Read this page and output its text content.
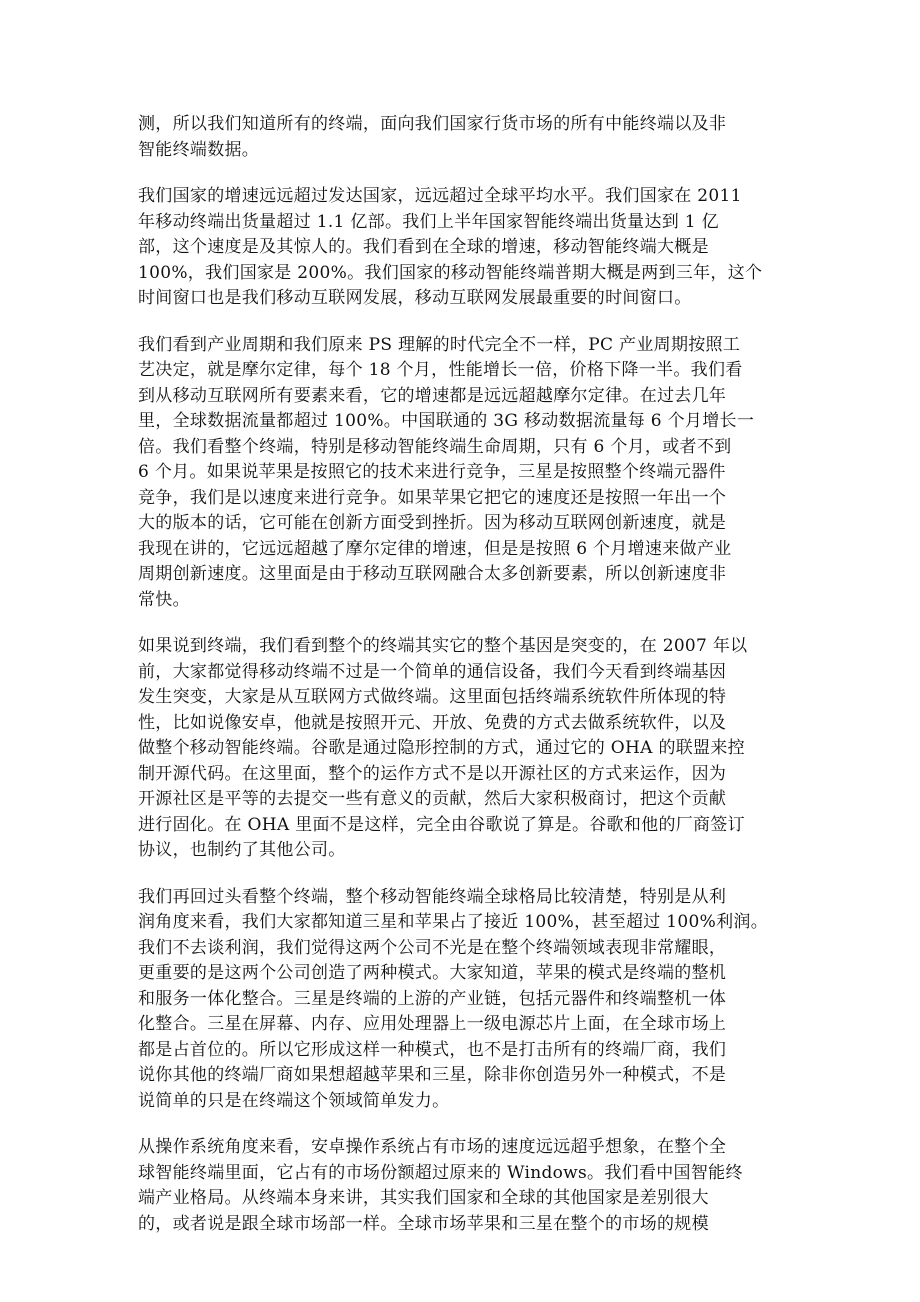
测，所以我们知道所有的终端，面向我们国家行货市场的所有中能终端以及非
智能终端数据。

我们国家的增速远远超过发达国家，远远超过全球平均水平。我们国家在 2011
年移动终端出货量超过 1.1 亿部。我们上半年国家智能终端出货量达到 1 亿
部，这个速度是及其惊人的。我们看到在全球的增速，移动智能终端大概是
100%，我们国家是 200%。我们国家的移动智能终端普期大概是两到三年，这个
时间窗口也是我们移动互联网发展，移动互联网发展最重要的时间窗口。

我们看到产业周期和我们原来 PS 理解的时代完全不一样，PC 产业周期按照工
艺决定，就是摩尔定律，每个 18 个月，性能增长一倍，价格下降一半。我们看
到从移动互联网所有要素来看，它的增速都是远远超越摩尔定律。在过去几年
里，全球数据流量都超过 100%。中国联通的 3G 移动数据流量每 6 个月增长一
倍。我们看整个终端，特别是移动智能终端生命周期，只有 6 个月，或者不到
6 个月。如果说苹果是按照它的技术来进行竞争，三星是按照整个终端元器件
竞争，我们是以速度来进行竞争。如果苹果它把它的速度还是按照一年出一个
大的版本的话，它可能在创新方面受到挫折。因为移动互联网创新速度，就是
我现在讲的，它远远超越了摩尔定律的增速，但是是按照 6 个月增速来做产业
周期创新速度。这里面是由于移动互联网融合太多创新要素，所以创新速度非
常快。

如果说到终端，我们看到整个的终端其实它的整个基因是突变的，在 2007 年以
前，大家都觉得移动终端不过是一个简单的通信设备，我们今天看到终端基因
发生突变，大家是从互联网方式做终端。这里面包括终端系统软件所体现的特
性，比如说像安卓，他就是按照开元、开放、免费的方式去做系统软件，以及
做整个移动智能终端。谷歌是通过隐形控制的方式，通过它的 OHA 的联盟来控
制开源代码。在这里面，整个的运作方式不是以开源社区的方式来运作，因为
开源社区是平等的去提交一些有意义的贡献，然后大家积极商讨，把这个贡献
进行固化。在 OHA 里面不是这样，完全由谷歌说了算是。谷歌和他的厂商签订
协议，也制约了其他公司。

我们再回过头看整个终端，整个移动智能终端全球格局比较清楚，特别是从利
润角度来看，我们大家都知道三星和苹果占了接近 100%，甚至超过 100%利润。
我们不去谈利润，我们觉得这两个公司不光是在整个终端领域表现非常耀眼，
更重要的是这两个公司创造了两种模式。大家知道，苹果的模式是终端的整机
和服务一体化整合。三星是终端的上游的产业链，包括元器件和终端整机一体
化整合。三星在屏幕、内存、应用处理器上一级电源芯片上面，在全球市场上
都是占首位的。所以它形成这样一种模式，也不是打击所有的终端厂商，我们
说你其他的终端厂商如果想超越苹果和三星，除非你创造另外一种模式，不是
说简单的只是在终端这个领域简单发力。

从操作系统角度来看，安卓操作系统占有市场的速度远远超乎想象，在整个全
球智能终端里面，它占有的市场份额超过原来的 Windows。我们看中国智能终
端产业格局。从终端本身来讲，其实我们国家和全球的其他国家是差别很大
的，或者说是跟全球市场部一样。全球市场苹果和三星在整个的市场的规模
